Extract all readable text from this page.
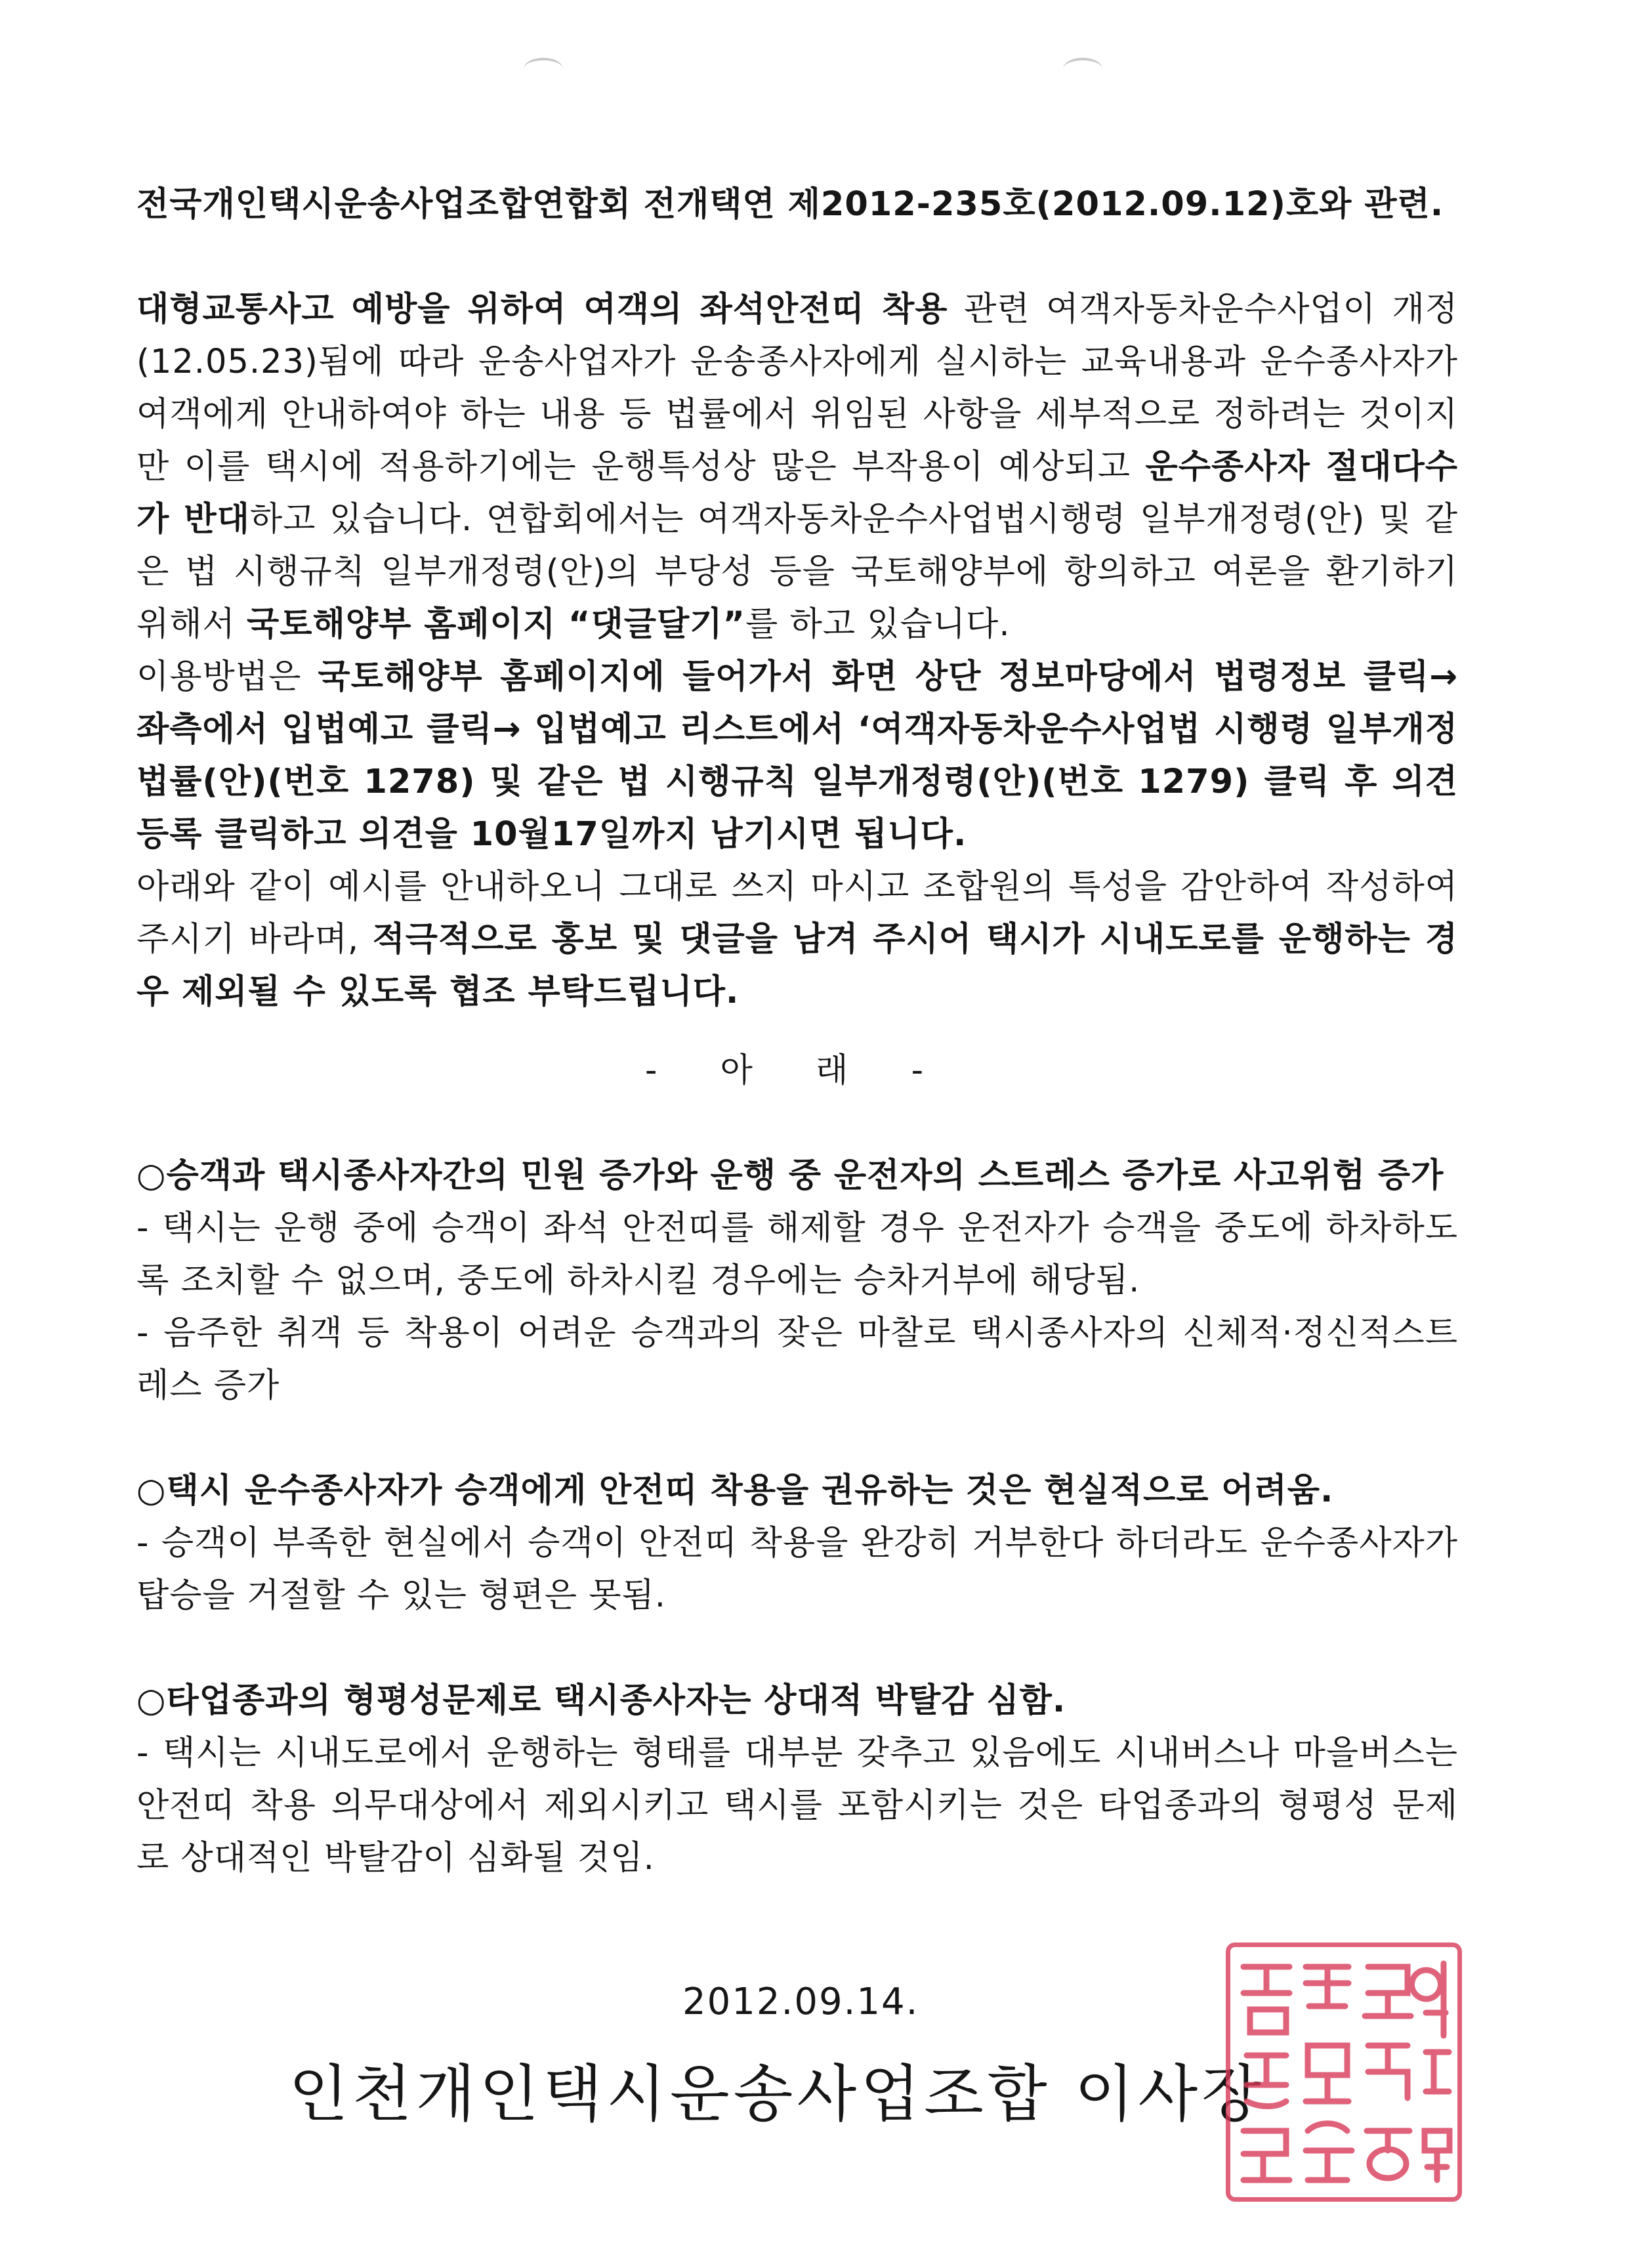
전국개인택시운송사업조합연합회 전개택연 제2012-235호(2012.09.12)호와 관련.

대형교통사고 예방을 위하여 여객의 좌석안전띠 착용 관련 여객자동차운수사업이 개정(12.05.23)됨에 따라 운송사업자가 운송종사자에게 실시하는 교육내용과 운수종사자가 여객에게 안내하여야 하는 내용 등 법률에서 위임된 사항을 세부적으로 정하려는 것이지만 이를 택시에 적용하기에는 운행특성상 많은 부작용이 예상되고 운수종사자 절대다수가 반대하고 있습니다. 연합회에서는 여객자동차운수사업법시행령 일부개정령(안) 및 같은 법 시행규칙 일부개정령(안)의 부당성 등을 국토해양부에 항의하고 여론을 환기하기 위해서 국토해양부 홈페이지 “댓글달기”를 하고 있습니다.

이용방법은 국토해양부 홈페이지에 들어가서 화면 상단 정보마당에서 법령정보 클릭→ 좌측에서 입법예고 클릭→ 입법예고 리스트에서 ‘여객자동차운수사업법 시행령 일부개정법률(안)(번호 1278) 및 같은 법 시행규칙 일부개정령(안)(번호 1279) 클릭 후 의견 등록 클릭하고 의견을 10월17일까지 남기시면 됩니다.

아래와 같이 예시를 안내하오니 그대로 쓰지 마시고 조합원의 특성을 감안하여 작성하여 주시기 바라며, 적극적으로 홍보 및 댓글을 남겨 주시어 택시가 시내도로를 운행하는 경우 제외될 수 있도록 협조 부탁드립니다.

- 아 래 -

○승객과 택시종사자간의 민원 증가와 운행 중 운전자의 스트레스 증가로 사고위험 증가

- 택시는 운행 중에 승객이 좌석 안전띠를 해제할 경우 운전자가 승객을 중도에 하차하도록 조치할 수 없으며, 중도에 하차시킬 경우에는 승차거부에 해당됨.

- 음주한 취객 등 착용이 어려운 승객과의 잦은 마찰로 택시종사자의 신체적·정신적스트레스 증가

○택시 운수종사자가 승객에게 안전띠 착용을 권유하는 것은 현실적으로 어려움.

- 승객이 부족한 현실에서 승객이 안전띠 착용을 완강히 거부한다 하더라도 운수종사자가 탑승을 거절할 수 있는 형편은 못됨.

○타업종과의 형평성문제로 택시종사자는 상대적 박탈감 심함.

- 택시는 시내도로에서 운행하는 형태를 대부분 갖추고 있음에도 시내버스나 마을버스는 안전띠 착용 의무대상에서 제외시키고 택시를 포함시키는 것은 타업종과의 형평성 문제로 상대적인 박탈감이 심화될 것임.

2012.09.14.
인천개인택시운송사업조합 이사장
